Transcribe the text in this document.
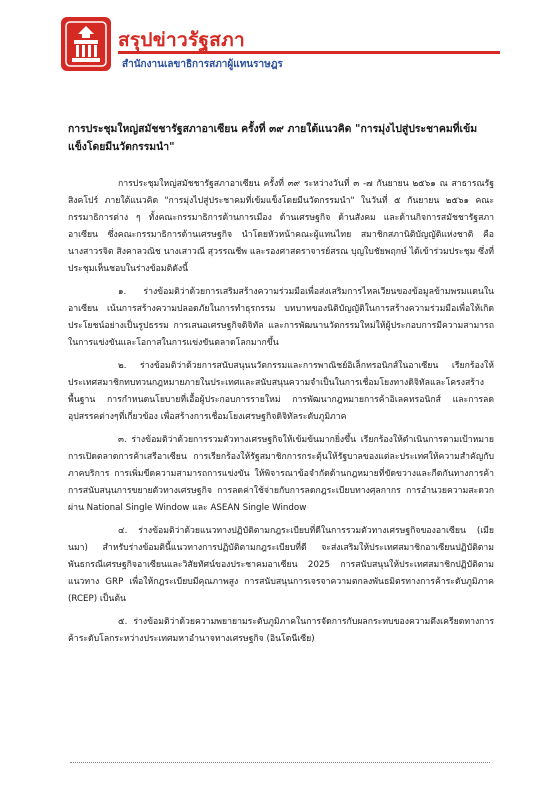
สรุปข่าวรัฐสภา
สำนักงานเลขาธิการสภาผู้แทนราษฎร
การประชุมใหญ่สมัชชารัฐสภาอาเซียน ครั้งที่ ๓๙ ภายใต้แนวคิด "การมุ่งไปสู่ประชาคมที่เข้มแข็งโดยมีนวัตกรรมนำ"

การประชุมใหญ่สมัชชารัฐสภาอาเซียน ครั้งที่ ๓๙ ระหว่างวันที่ ๓ -๗ กันยายน ๒๕๖๑ ณ สาธารณรัฐสิงคโปร์ ภายใต้แนวคิด "การมุ่งไปสู่ประชาคมที่เข้มแข็งโดยมีนวัตกรรมนำ" ในวันที่ ๕ กันยายน ๒๕๖๑ คณะกรรมาธิการต่าง ๆ ทั้งคณะกรรมาธิการด้านการเมือง ด้านเศรษฐกิจ ด้านสังคม และด้านกิจการสมัชชารัฐสภาอาเซียน ซึ่งคณะกรรมาธิการด้านเศรษฐกิจ นำโดยหัวหน้าคณะผู้แทนไทย สมาชิกสภานิติบัญญัติแห่งชาติ คือ นางสาวรจิต สิงคาลวณิช นางเสาวณี สุวรรณชีพ และรองศาสตราจารย์สรณ บุญใบชัยพฤกษ์ ได้เข้าร่วมประชุม ซึ่งที่ประชุมเห็นชอบในร่างข้อมติดังนี้

๑. ร่างข้อมติว่าด้วยการเสริมสร้างความร่วมมือเพื่อส่งเสริมการไหลเวียนของข้อมูลข้ามพรมแดนในอาเซียน เน้นการสร้างความปลอดภัยในการทำธุรกรรม บทบาทของนิติบัญญัติในการสร้างความร่วมมือเพื่อให้เกิดประโยชน์อย่างเป็นรูปธรรม การเสนอเศรษฐกิจดิจิทัล และการพัฒนานวัตกรรมใหม่ให้ผู้ประกอบการมีความสามารถในการแข่งขันและโอกาสในการแข่งขันตลาดโลกมากขึ้น

๒. ร่างข้อมติว่าด้วยการสนับสนุนนวัตกรรมและการพาณิชย์อิเล็กทรอนิกส์ในอาเซียน เรียกร้องให้ประเทศสมาชิกทบทวนกฎหมายภายในประเทศและสนับสนุนความจำเป็นในการเชื่อมโยงทางดิจิทัลและโครงสร้างพื้นฐาน การกำหนดนโยบายที่เอื้อผู้ประกอบการรายใหม่ การพัฒนากฎหมายการค้าอิเลคทรอนิกส์ และการลดอุปสรรคต่างๆที่เกี่ยวข้อง เพื่อสร้างการเชื่อมโยงเศรษฐกิจดิจิทัลระดับภูมิภาค

๓. ร่างข้อมติว่าด้วยการรวมตัวทางเศรษฐกิจให้เข้มข้นมากยิ่งขึ้น เรียกร้องให้ดำเนินการตามเป้าหมายการเปิดตลาดการค้าเสรีอาเซียน การเรียกร้องให้รัฐสมาชิกการกระตุ้นให้รัฐบาลของแต่ละประเทศให้ความสำคัญกับภาคบริการ การเพิ่มขีดความสามารถการแข่งขัน ให้พิจารณาข้อจำกัดด้านกฎหมายที่ขัดขวางและกีดกันทางการค้า การสนับสนุนการขยายตัวทางเศรษฐกิจ การลดค่าใช้จ่ายกับการลดกฎระเบียบทางศุลกากร การอำนวยความสะดวกผ่าน National Single Window และ ASEAN Single Window

๔. ร่างข้อมติว่าด้วยแนวทางปฏิบัติตามกฎระเบียบที่ดีในการรวมตัวทางเศรษฐกิจของอาเซียน (เมียนมา) สำหรับร่างข้อมตินี้แนวทางการปฏิบัติตามกฎระเบียบที่ดี จะส่งเสริมให้ประเทศสมาชิกอาเซียนปฏิบัติตามพันธกรณีเศรษฐกิจอาเซียนและวิสัยทัศน์ของประชาคมอาเซียน 2025 การสนับสนุนให้ประเทศสมาชิกปฏิบัติตามแนวทาง GRP เพื่อให้กฎระเบียบมีคุณภาพสูง การสนับสนุนการเจรจาความตกลงพันธมิตรทางการค้าระดับภูมิภาค (RCEP) เป็นต้น

๕. ร่างข้อมติว่าด้วยความพยายามระดับภูมิภาคในการจัดการกับผลกระทบของความตึงเครียดทางการค้าระดับโลกระหว่างประเทศมหาอำนาจทางเศรษฐกิจ (อินโดนีเซีย)
